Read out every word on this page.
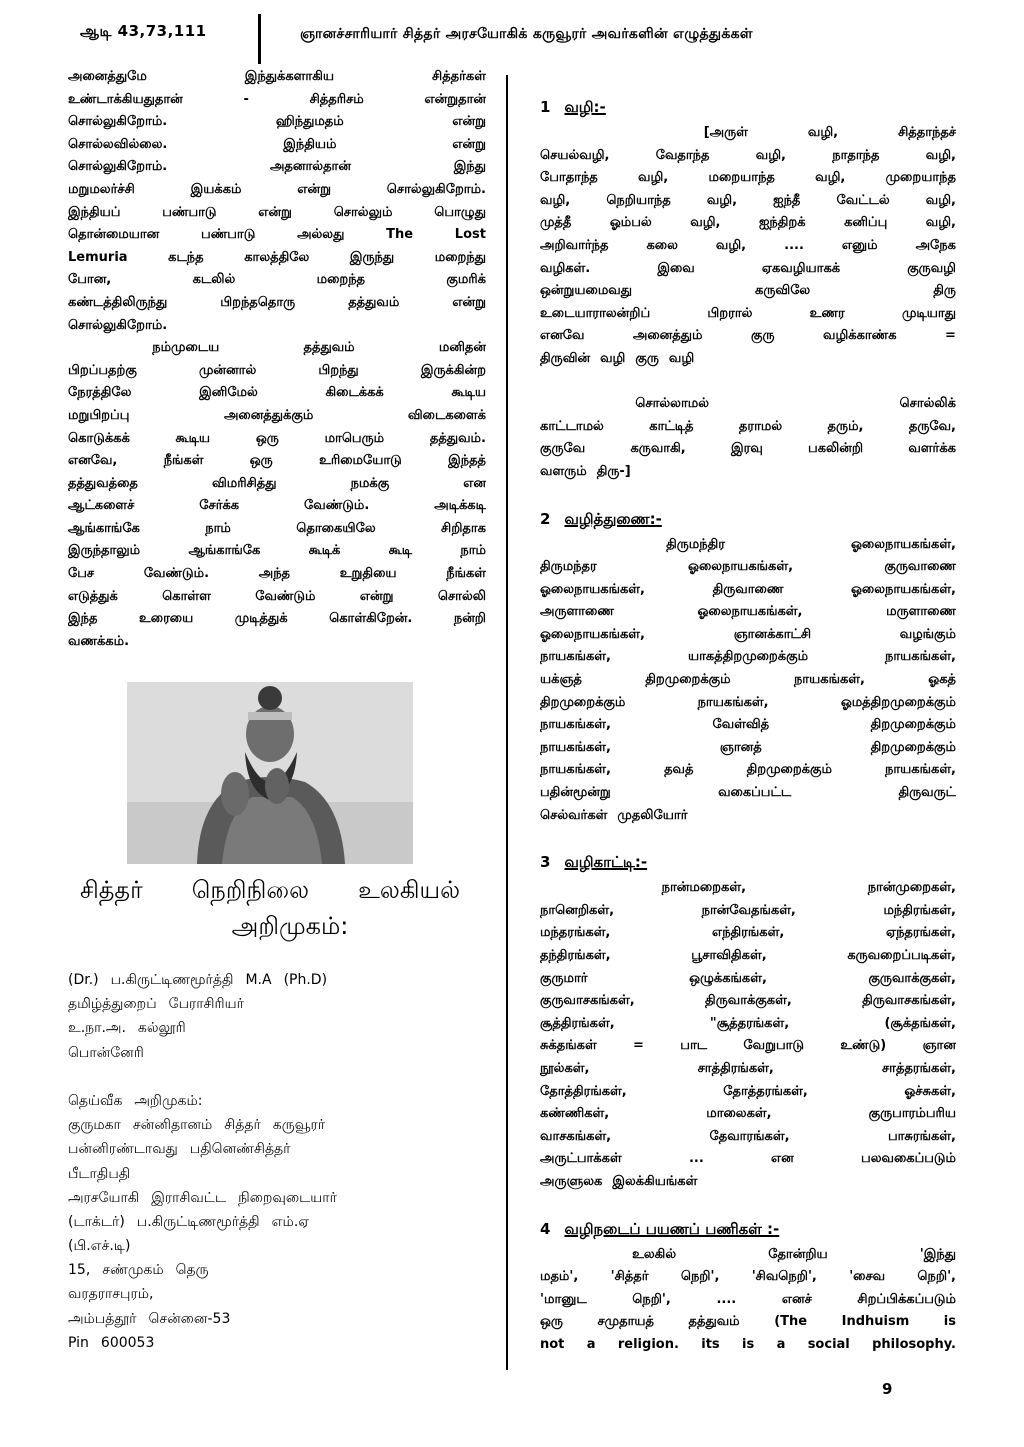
ஆடி 43,73,111	ஞானச்சாரியார் சித்தர் அரசயோகிக் கருவூரர் அவர்களின் எழுத்துக்கள்
அனைத்துமே	இந்துக்களாகிய	சித்தர்கள்
உண்டாக்கியதுதான்	-	சித்தரிசம்	என்றுதான்
சொல்லுகிறோம்.	ஹிந்துமதம்	என்று
சொல்லவில்லை.	இந்தியம்	என்று
சொல்லுகிறோம்.	அதனால்தான்	இந்து
மறுமலர்ச்சி	இயக்கம்	என்று	சொல்லுகிறோம்.
இந்தியப்	பண்பாடு	என்று	சொல்லும்	பொழுது
தொன்மையான	பண்பாடு	அல்லது	The	Lost
Lemuria	கடந்த	காலத்திலே	இருந்து	மறைந்து
போன,	கடலில்	மறைந்த	குமரிக்
கண்டத்திலிருந்து	பிறந்ததொரு	தத்துவம்	என்று
சொல்லுகிறோம்.
நம்முடைய	தத்துவம்	மனிதன்
பிறப்பதற்கு	முன்னால்	பிறந்து	இருக்கின்ற
நேரத்திலே	இனிமேல்	கிடைக்கக்	கூடிய
மறுபிறப்பு	அனைத்துக்கும்	விடைகளைக்
கொடுக்கக்	கூடிய	ஒரு	மாபெரும்	தத்துவம்.
எனவே,	நீங்கள்	ஒரு	உரிமையோடு	இந்தத்
தத்துவத்தை	விமரிசித்து	நமக்கு	என
ஆட்களைச்	சேர்க்க	வேண்டும்.	அடிக்கடி
ஆங்காங்கே	நாம்	தொகையிலே	சிறிதாக
இருந்தாலும்	ஆங்காங்கே	கூடிக்	கூடி	நாம்
பேச	வேண்டும்.	அந்த	உறுதியை	நீங்கள்
எடுத்துக்	கொள்ள	வேண்டும்	என்று	சொல்லி
இந்த	உரையை	முடித்துக்	கொள்கிறேன்.	நன்றி
வணக்கம்.
சித்தர் நெறிநிலை உலகியல்
அறிமுகம்:
(Dr.) ப.கிருட்டிணமூர்த்தி M.A (Ph.D)
தமிழ்த்துறைப் பேராசிரியர்
உ.நா.அ. கல்லூரி
பொன்னேரி
தெய்வீக அறிமுகம்:
குருமகா சன்னிதானம் சித்தர் கருவூரர்
பன்னிரண்டாவது பதினெண்சித்தர்
பீடாதிபதி
அரசயோகி இராசிவட்ட நிறைவுடையார்
(டாக்டர்) ப.கிருட்டிணமூர்த்தி எம்.ஏ
(பி.எச்.டி)
15, சண்முகம் தெரு
வரதராசபுரம்,
அம்பத்தூர் சென்னை-53
Pin 600053
1 வழி:-
[அருள்	வழி,	சித்தாந்தச்
செயல்வழி,	வேதாந்த	வழி,	நாதாந்த	வழி,
போதாந்த	வழி,	மறையாந்த	வழி,	முறையாந்த
வழி,	நெறியாந்த	வழி,	ஐந்தீ	வேட்டல்	வழி,
முத்தீ	ஓம்பல்	வழி,	ஐந்திறக்	கனிப்பு	வழி,
அறிவார்ந்த	கலை	வழி,	....	எனும்	அநேக
வழிகள்.	இவை	ஏகவழியாகக்	குருவழி
ஒன்றுயமைவது	கருவிலே	திரு
உடையாராலன்றிப்	பிறரால்	உணர	முடியாது
எனவே	அனைத்தும்	குரு	வழிக்காண்க	=
திருவின் வழி குரு வழி
சொல்லாமல்	சொல்லிக்
காட்டாமல்	காட்டித்	தராமல்	தரும்,	தருவே,
குருவே	கருவாகி,	இரவு	பகலின்றி	வளர்க்க
வளரும் திரு-]
2 வழித்துணை:-
திருமந்திர	ஓலைநாயகங்கள்,
திருமந்தர	ஓலைநாயகங்கள்,	குருவாணை
ஓலைநாயகங்கள்,	திருவாணை	ஓலைநாயகங்கள்,
அருளாணை	ஓலைநாயகங்கள்,	மருளாணை
ஓலைநாயகங்கள்,	ஞானக்காட்சி	வழங்கும்
நாயகங்கள்,	யாகத்திறமுறைக்கும்	நாயகங்கள்,
யக்ஞத்	திறமுறைக்கும்	நாயகங்கள்,	ஓகத்
திறமுறைக்கும்	நாயகங்கள்,	ஓமத்திறமுறைக்கும்
நாயகங்கள்,	வேள்வித்	திறமுறைக்கும்
நாயகங்கள்,	ஞானத்	திறமுறைக்கும்
நாயகங்கள்,	தவத்	திறமுறைக்கும்	நாயகங்கள்,
பதின்மூன்று	வகைப்பட்ட	திருவருட்
செல்வர்கள் முதலியோர்
3 வழிகாட்டி:-
நான்மறைகள்,	நான்முறைகள்,
நானெறிகள்,	நான்வேதங்கள்,	மந்திரங்கள்,
மந்தரங்கள்,	எந்திரங்கள்,	ஏந்தரங்கள்,
தந்திரங்கள்,	பூசாவிதிகள்,	கருவறைப்படிகள்,
குருமார்	ஒழுக்கங்கள்,	குருவாக்குகள்,
குருவாசகங்கள்,	திருவாக்குகள்,	திருவாசகங்கள்,
சூத்திரங்கள்,	"சூத்தரங்கள்,	(சூக்தங்கள்,
சுக்தங்கள்	=	பாட	வேறுபாடு	உண்டு)	ஞான
நூல்கள்,	சாத்திரங்கள்,	சாத்தரங்கள்,
தோத்திரங்கள்,	தோத்தரங்கள்,	ஓச்சுகள்,
கண்ணிகள்,	மாலைகள்,	குருபாரம்பரிய
வாசகங்கள்,	தேவாரங்கள்,	பாசுரங்கள்,
அருட்பாக்கள்	...	என	பலவகைப்படும்
அருளுலக இலக்கியங்கள்
4 வழிநடைப் பயணப் பணிகள் :-
உலகில்	தோன்றிய	'இந்து
மதம்', 'சித்தர் நெறி', 'சிவநெறி', 'சைவ நெறி',
'மானுட	நெறி',	....	எனச்	சிறப்பிக்கப்படும்
ஒரு	சமுதாயத்	தத்துவம்	(The	Indhuism	is
not a religion. its is a social philosophy.
9
